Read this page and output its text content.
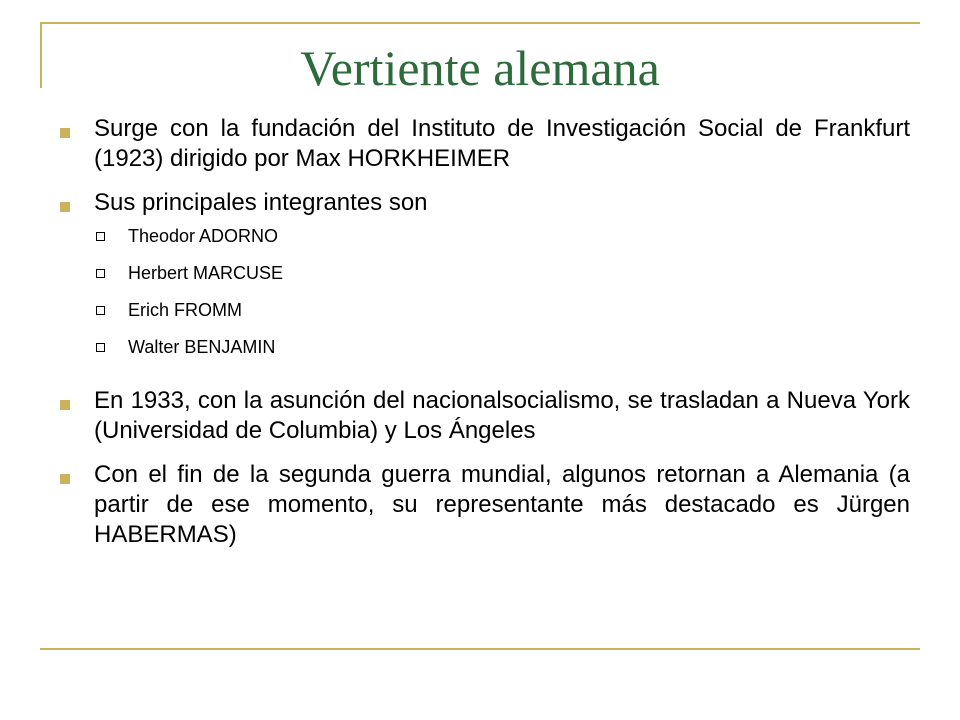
Vertiente alemana
Surge con la fundación del Instituto de Investigación Social de Frankfurt (1923) dirigido por Max HORKHEIMER
Sus principales integrantes son
Theodor ADORNO
Herbert MARCUSE
Erich FROMM
Walter BENJAMIN
En 1933, con la asunción del nacionalsocialismo, se trasladan a Nueva York (Universidad de Columbia) y Los Ángeles
Con el fin de la segunda guerra mundial, algunos retornan a Alemania (a partir de ese momento, su representante más destacado es Jürgen HABERMAS)
